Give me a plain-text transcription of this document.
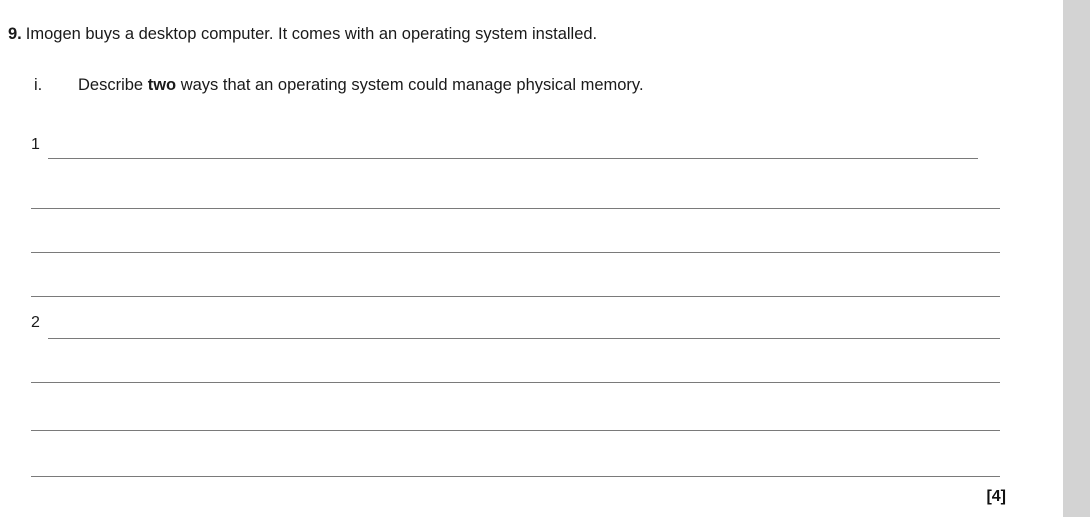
9. Imogen buys a desktop computer. It comes with an operating system installed.
i. Describe two ways that an operating system could manage physical memory.
1
2
[4]
